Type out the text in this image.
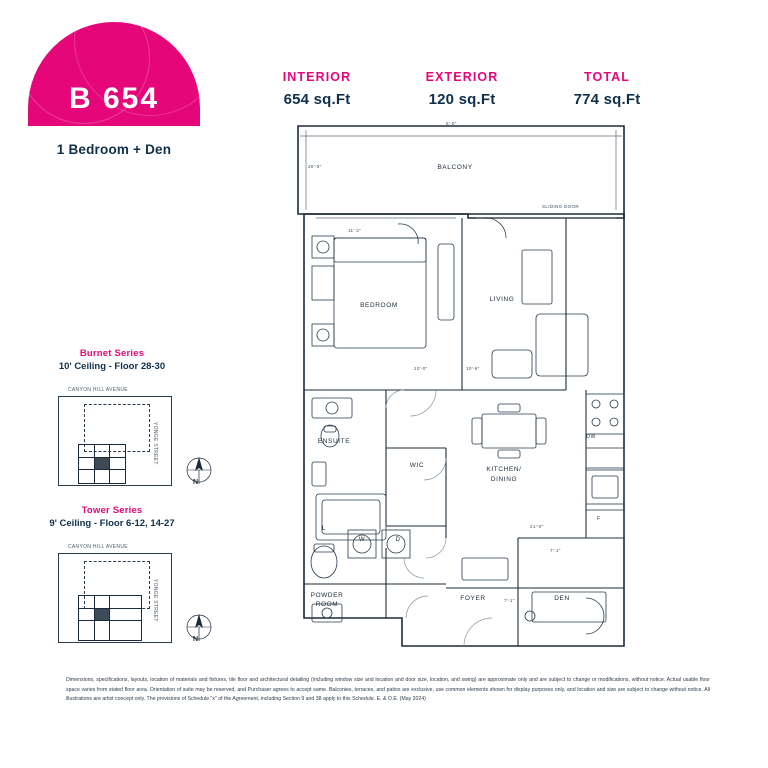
B 654
1 Bedroom + Den
INTERIOR
654 sq.Ft
EXTERIOR
120 sq.Ft
TOTAL
774 sq.Ft
Burnet Series
10' Ceiling - Floor 28-30
CANYON HILL AVENUE
YONGE STREET
N
Tower Series
9' Ceiling - Floor 6-12, 14-27
CANYON HILL AVENUE
YONGE STREET
N
BALCONY
BEDROOM
LIVING
ENSUITE
WIC
KITCHEN/
DINING
POWDER
ROOM
FOYER	DEN
W	D
L
DW
F
6'-0"
20'-5"
11'-2"
10'-0"	10'-6"
21'-0"
7'-1"
7'-1"
SLIDING DOOR
Dimensions, specifications, layouts, location of materials and fixtures, tile floor and architectural detailing (including window size and location and door size, location, and swing) are approximate only and are subject to change or modifications, without notice. Actual usable floor space varies from stated floor area. Orientation of suite may be reserved, and Purchaser agrees to accept same. Balconies, terraces, and patios are exclusive, use common elements shown for display purposes only, and location and size are subject to change without notice. All illustrations are artist concept only. The provisions of Schedule "x" of the Agreement, including Section 9 and 38 apply to this Schedule. E. & O.E. (May 2024)
